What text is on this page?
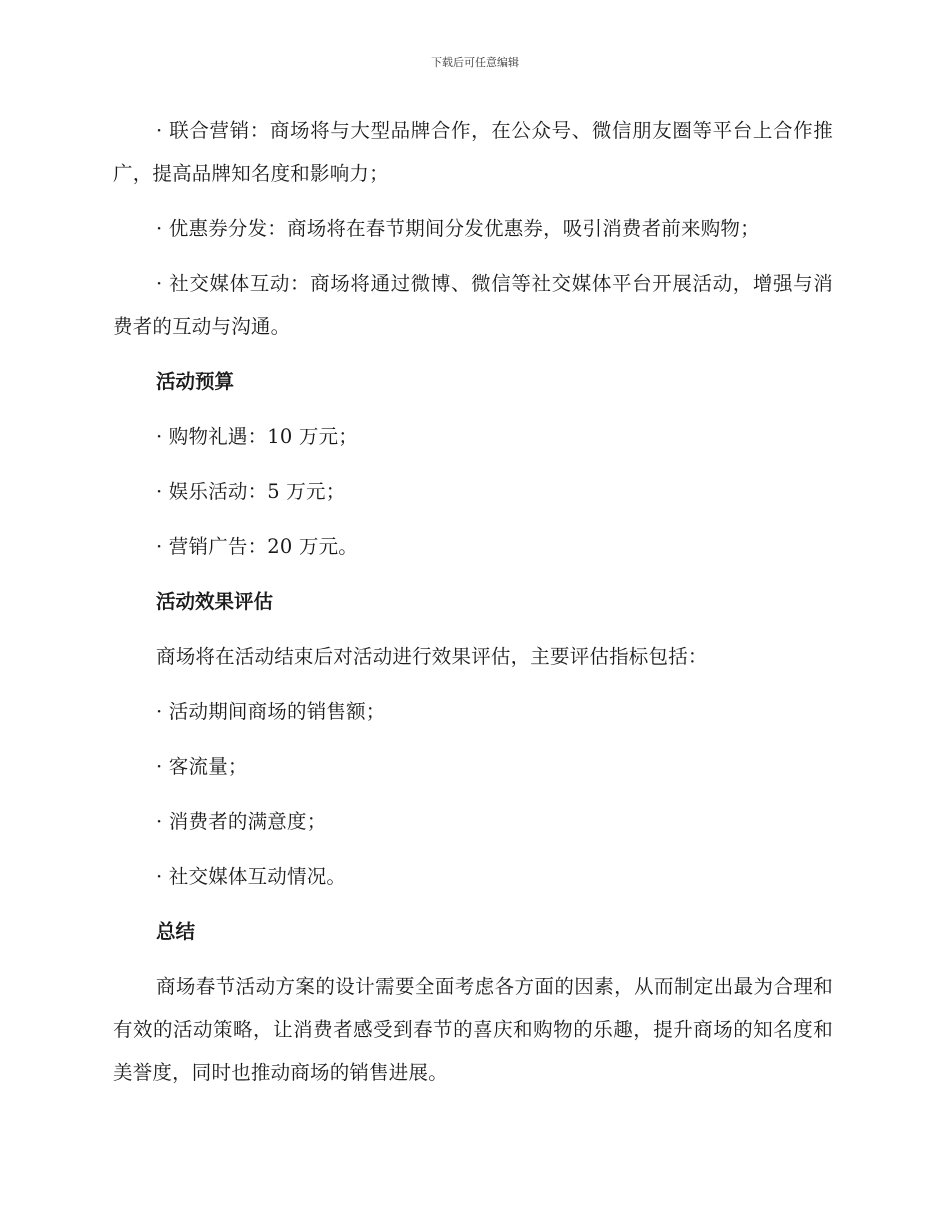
下载后可任意编辑

· 联合营销：商场将与大型品牌合作，在公众号、微信朋友圈等平台上合作推广，提高品牌知名度和影响力；

· 优惠券分发：商场将在春节期间分发优惠券，吸引消费者前来购物；

· 社交媒体互动：商场将通过微博、微信等社交媒体平台开展活动，增强与消费者的互动与沟通。

活动预算

· 购物礼遇：10 万元；

· 娱乐活动：5 万元；

· 营销广告：20 万元。

活动效果评估

商场将在活动结束后对活动进行效果评估，主要评估指标包括：

· 活动期间商场的销售额；

· 客流量；

· 消费者的满意度；

· 社交媒体互动情况。

总结

商场春节活动方案的设计需要全面考虑各方面的因素，从而制定出最为合理和有效的活动策略，让消费者感受到春节的喜庆和购物的乐趣，提升商场的知名度和美誉度，同时也推动商场的销售进展。
